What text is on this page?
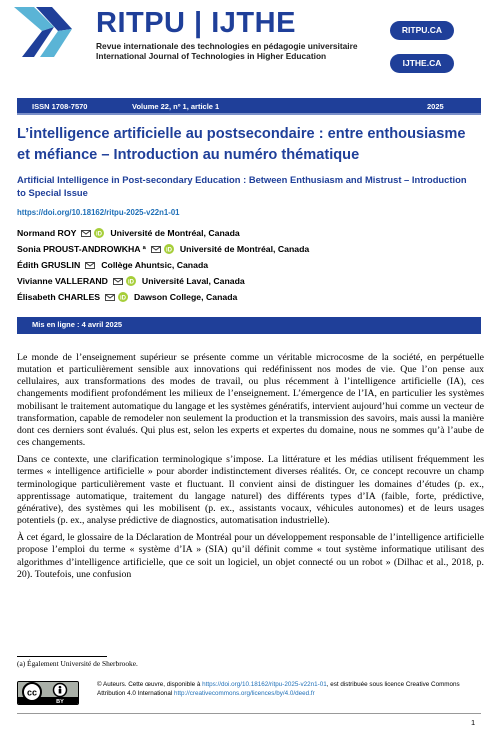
RITPU | IJTHE
Revue internationale des technologies en pédagogie universitaire
International Journal of Technologies in Higher Education
RITPU.CA
IJTHE.CA
ISSN 1708-7570	Volume 22, nº 1, article 1	2025
L’intelligence artificielle au postsecondaire : entre enthousiasme et méfiance – Introduction au numéro thématique
Artificial Intelligence in Post-secondary Education : Between Enthusiasm and Mistrust – Introduction to Special Issue
https://doi.org/10.18162/ritpu-2025-v22n1-01
Normand ROY	iD Université de Montréal, Canada
Sonia PROUST-ANDROWKHA ª	iD Université de Montréal, Canada
Édith GRUSLIN Collège Ahuntsic, Canada
Vivianne VALLERAND	iD Université Laval, Canada
Élisabeth CHARLES	iD Dawson College, Canada
Mis en ligne : 4 avril 2025

Le monde de l’enseignement supérieur se présente comme un véritable microcosme de la société, en perpétuelle mutation et particulièrement sensible aux innovations qui redéfinissent nos modes de vie. Que l’on pense aux cellulaires, aux transformations des modes de travail, ou plus récemment à l’intelligence artificielle (IA), ces changements modifient profondément les milieux de l’enseignement. L’émergence de l’IA, en particulier les systèmes mobilisant le traitement automatique du langage et les systèmes génératifs, intervient aujourd’hui comme un vecteur de transformation, capable de remodeler non seulement la production et la transmission des savoirs, mais aussi la manière dont ces derniers sont évalués. Qui plus est, selon les experts et expertes du domaine, nous ne sommes qu’à l’aube de ces changements.

Dans ce contexte, une clarification terminologique s’impose. La littérature et les médias utilisent fréquemment les termes « intelligence artificielle » pour aborder indistinctement diverses réalités. Or, ce concept recouvre un champ terminologique particulièrement vaste et fluctuant. Il convient ainsi de distinguer les domaines d’études (p. ex., apprentissage automatique, traitement du langage naturel) des différents types d’IA (faible, forte, prédictive, générative), des systèmes qui les mobilisent (p. ex., assistants vocaux, véhicules autonomes) et de leurs usages potentiels (p. ex., analyse prédictive de diagnostics, automatisation industrielle).

À cet égard, le glossaire de la Déclaration de Montréal pour un développement responsable de l’intelligence artificielle propose l’emploi du terme « système d’IA » (SIA) qu’il définit comme « tout système informatique utilisant des algorithmes d’intelligence artificielle, que ce soit un logiciel, un objet connecté ou un robot » (Dilhac et al., 2018, p. 20). Toutefois, une confusion

(a) Également Université de Sherbrooke.
cc
BY
© Auteurs. Cette œuvre, disponible à https://doi.org/10.18162/ritpu-2025-v22n1-01, est distribuée sous licence Creative Commons Attribution 4.0 International http://creativecommons.org/licences/by/4.0/deed.fr
1
